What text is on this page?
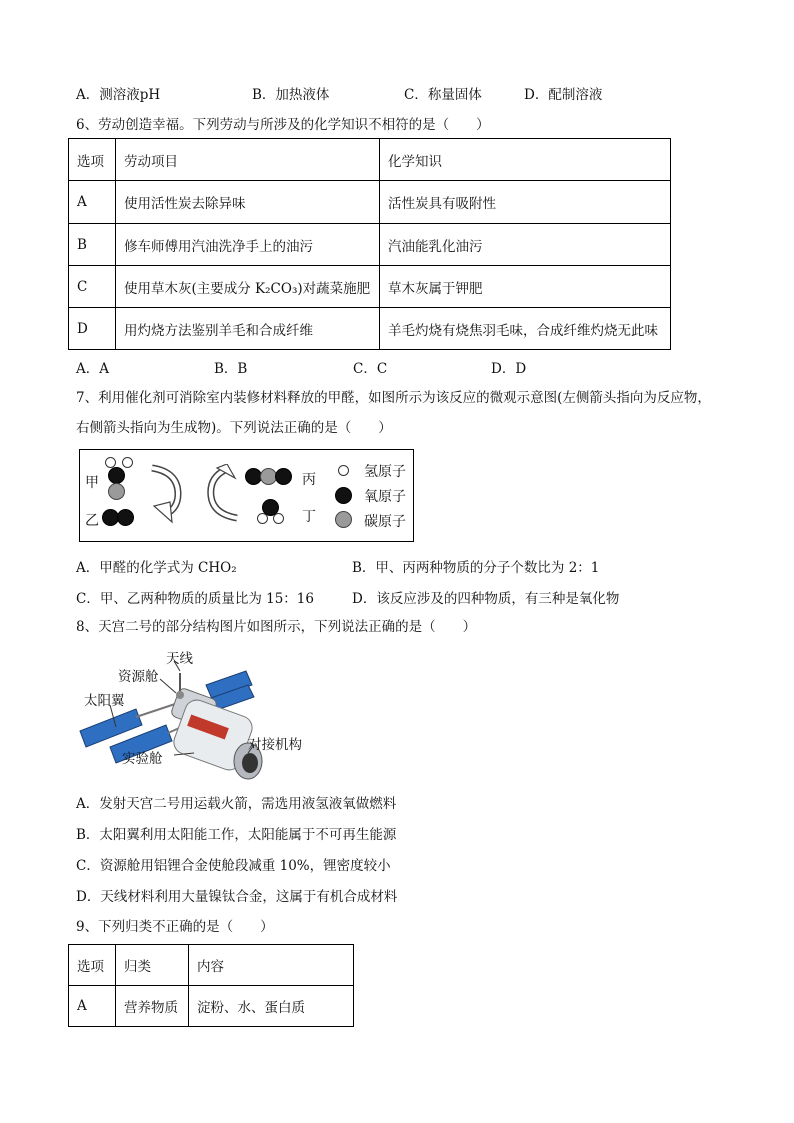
A．测溶液pH	B．加热液体	C．称量固体	D．配制溶液
6、劳动创造幸福。下列劳动与所涉及的化学知识不相符的是（　　）
选项	劳动项目	化学知识
A	使用活性炭去除异味	活性炭具有吸附性
B	修车师傅用汽油洗净手上的油污	汽油能乳化油污
C	使用草木灰(主要成分 K₂CO₃)对蔬菜施肥	草木灰属于钾肥
D	用灼烧方法鉴别羊毛和合成纤维	羊毛灼烧有烧焦羽毛味，合成纤维灼烧无此味
A．A	B．B	C．C	D．D
7、利用催化剂可消除室内装修材料释放的甲醛，如图所示为该反应的微观示意图(左侧箭头指向为反应物，
右侧箭头指向为生成物)。下列说法正确的是（　　）
甲
乙
丙
丁
氢原子
氧原子
碳原子
A．甲醛的化学式为 CHO₂	B．甲、丙两种物质的分子个数比为 2：1
C．甲、乙两种物质的质量比为 15：16	D．该反应涉及的四种物质，有三种是氧化物
8、天宫二号的部分结构图片如图所示，下列说法正确的是（　　）
天线
资源舱
太阳翼
对接机构
实验舱
A．发射天宫二号用运载火箭，需选用液氢液氧做燃料
B．太阳翼利用太阳能工作，太阳能属于不可再生能源
C．资源舱用铝锂合金使舱段减重 10%，锂密度较小
D．天线材料利用大量镍钛合金，这属于有机合成材料
9、下列归类不正确的是（　　）
选项	归类	内容
A	营养物质	淀粉、水、蛋白质
